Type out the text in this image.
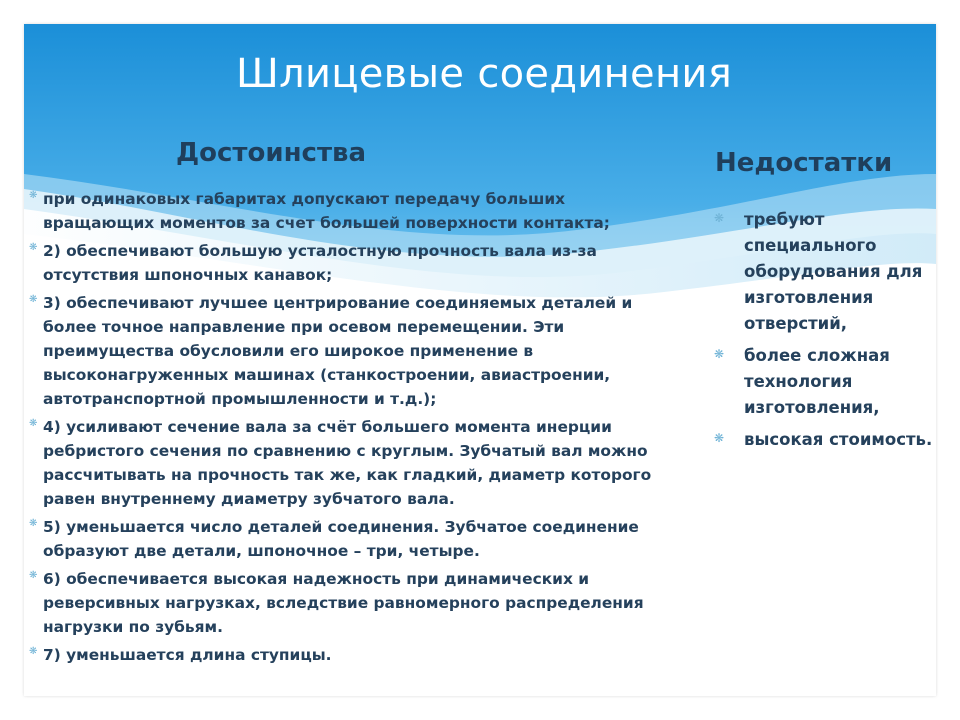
Шлицевые соединения
Достоинства	Недостатки
❋ при одинаковых габаритах допускают передачу больших вращающих моментов за счет большей поверхности контакта;
❋ 2) обеспечивают большую усталостную прочность вала из-за отсутствия шпоночных канавок;
❋ 3) обеспечивают лучшее центрирование соединяемых деталей и более точное направление при осевом перемещении. Эти преимущества обусловили его широкое применение в высоконагруженных машинах (станкостроении, авиастроении, автотранспортной промышленности и т.д.);
❋ 4) усиливают сечение вала за счёт большего момента инерции ребристого сечения по сравнению с круглым. Зубчатый вал можно рассчитывать на прочность так же, как гладкий, диаметр которого равен внутреннему диаметру зубчатого вала.
❋ 5) уменьшается число деталей соединения. Зубчатое соединение образуют две детали, шпоночное – три, четыре.
❋ 6) обеспечивается высокая надежность при динамических и реверсивных нагрузках, вследствие равномерного распределения нагрузки по зубьям.
❋ 7) уменьшается длина ступицы.
❋ требуют специального оборудования для изготовления отверстий,
❋ более сложная технология изготовления,
❋ высокая стоимость.
